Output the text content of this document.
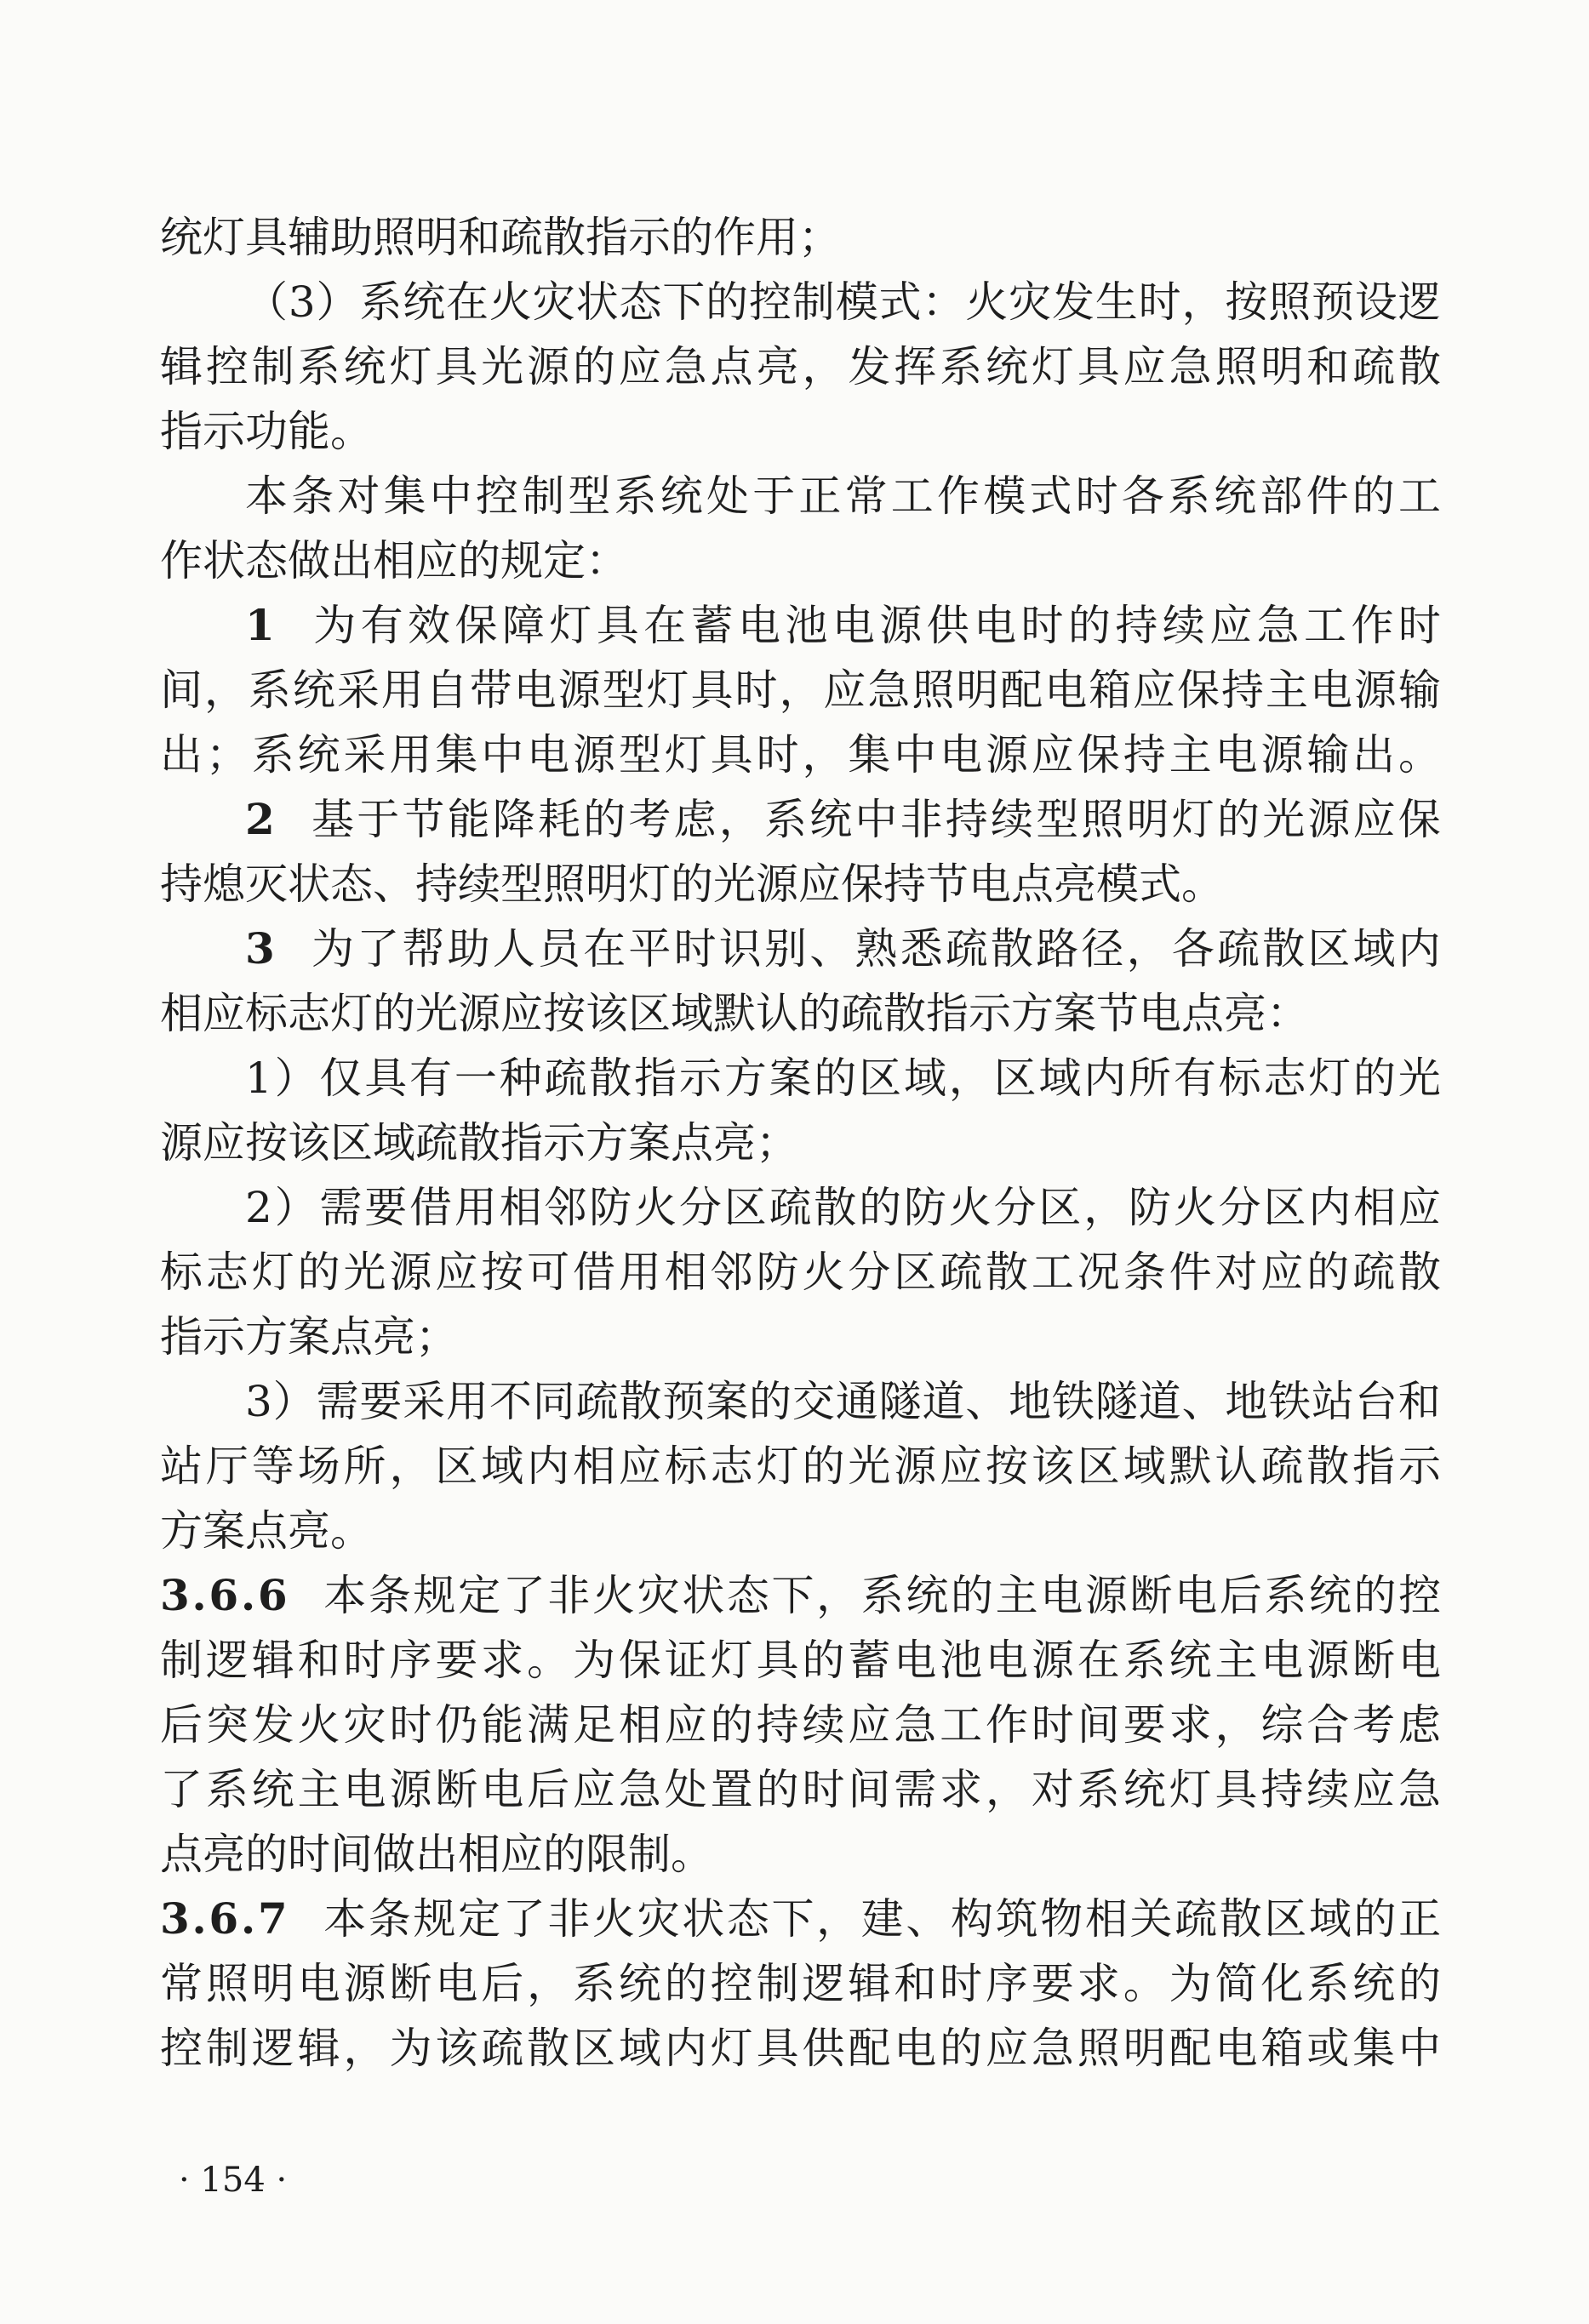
统灯具辅助照明和疏散指示的作用；
（3）系统在火灾状态下的控制模式：火灾发生时，按照预设逻
辑控制系统灯具光源的应急点亮，发挥系统灯具应急照明和疏散
指示功能。
本条对集中控制型系统处于正常工作模式时各系统部件的工
作状态做出相应的规定：
1 为有效保障灯具在蓄电池电源供电时的持续应急工作时
间，系统采用自带电源型灯具时，应急照明配电箱应保持主电源输
出；系统采用集中电源型灯具时，集中电源应保持主电源输出。
2 基于节能降耗的考虑，系统中非持续型照明灯的光源应保
持熄灭状态、持续型照明灯的光源应保持节电点亮模式。
3 为了帮助人员在平时识别、熟悉疏散路径，各疏散区域内
相应标志灯的光源应按该区域默认的疏散指示方案节电点亮：
1）仅具有一种疏散指示方案的区域，区域内所有标志灯的光
源应按该区域疏散指示方案点亮；
2）需要借用相邻防火分区疏散的防火分区，防火分区内相应
标志灯的光源应按可借用相邻防火分区疏散工况条件对应的疏散
指示方案点亮；
3）需要采用不同疏散预案的交通隧道、地铁隧道、地铁站台和
站厅等场所，区域内相应标志灯的光源应按该区域默认疏散指示
方案点亮。
3.6.6 本条规定了非火灾状态下，系统的主电源断电后系统的控
制逻辑和时序要求。为保证灯具的蓄电池电源在系统主电源断电
后突发火灾时仍能满足相应的持续应急工作时间要求，综合考虑
了系统主电源断电后应急处置的时间需求，对系统灯具持续应急
点亮的时间做出相应的限制。
3.6.7 本条规定了非火灾状态下，建、构筑物相关疏散区域的正
常照明电源断电后，系统的控制逻辑和时序要求。为简化系统的
控制逻辑，为该疏散区域内灯具供配电的应急照明配电箱或集中
· 154 ·
